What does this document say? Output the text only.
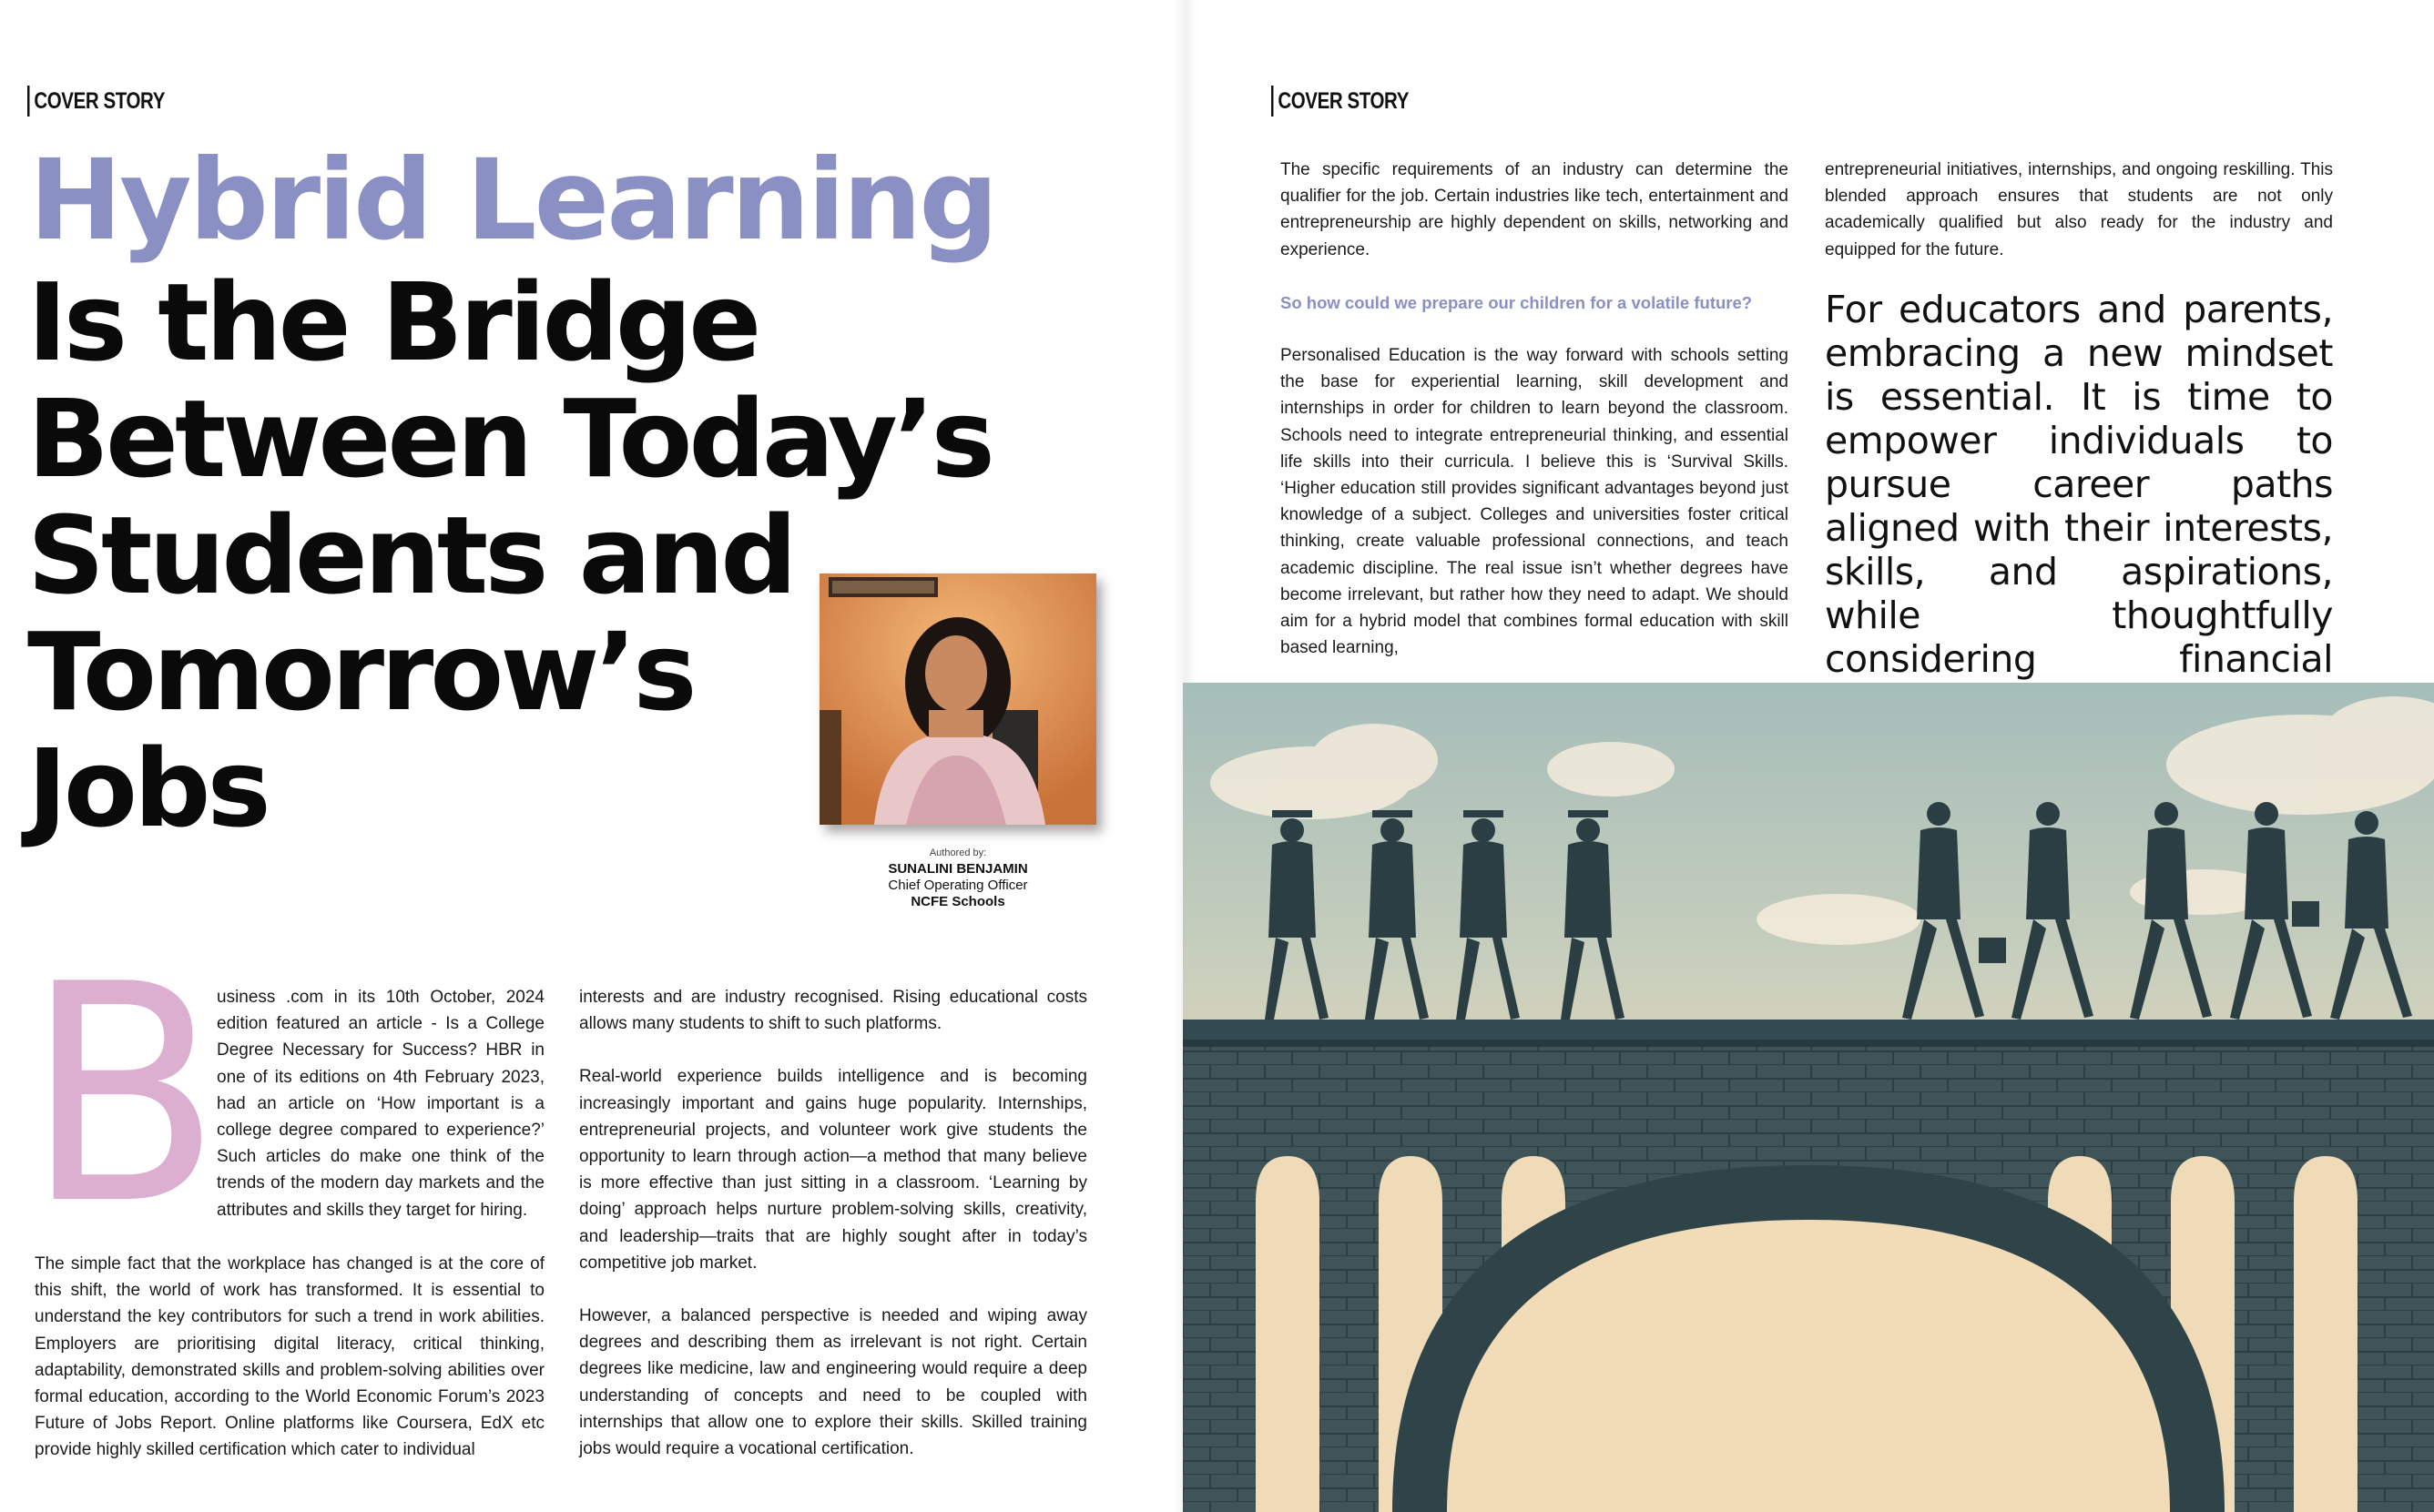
COVER STORY
Hybrid Learning
Is the Bridge
Between Today’s
Students and
Tomorrow’s
Jobs
Authored by:
SUNALINI BENJAMIN
Chief Operating Officer
NCFE Schools
B

usiness .com in its 10th October, 2024 edition featured an article - Is a College Degree Necessary for Success? HBR in one of its editions on 4th February 2023, had an article on ‘How important is a college degree compared to experience?’ Such articles do make one think of the trends of the modern day markets and the attributes and skills they target for hiring.

The simple fact that the workplace has changed is at the core of this shift, the world of work has transformed. It is essential to understand the key contributors for such a trend in work abilities. Employers are prioritising digital literacy, critical thinking, adaptability, demonstrated skills and problem-solving abilities over formal education, according to the World Economic Forum’s 2023 Future of Jobs Report. Online platforms like Coursera, EdX etc provide highly skilled certification which cater to individual

interests and are industry recognised. Rising educational costs allows many students to shift to such platforms.

Real-world experience builds intelligence and is becoming increasingly important and gains huge popularity. Internships, entrepreneurial projects, and volunteer work give students the opportunity to learn through action—a method that many believe is more effective than just sitting in a classroom. ‘Learning by doing’ approach helps nurture problem-solving skills, creativity, and leadership—traits that are highly sought after in today’s competitive job market.

However, a balanced perspective is needed and wiping away degrees and describing them as irrelevant is not right. Certain degrees like medicine, law and engineering would require a deep understanding of concepts and need to be coupled with internships that allow one to explore their skills. Skilled training jobs would require a vocational certification.

COVER STORY

The specific requirements of an industry can determine the qualifier for the job. Certain industries like tech, entertainment and entrepreneurship are highly dependent on skills, networking and experience.

So how could we prepare our children for a volatile future?

Personalised Education is the way forward with schools setting the base for experiential learning, skill development and internships in order for children to learn beyond the classroom. Schools need to integrate entrepreneurial thinking, and essential life skills into their curricula. I believe this is ‘Survival Skills. ‘Higher education still provides significant advantages beyond just knowledge of a subject. Colleges and universities foster critical thinking, create valuable professional connections, and teach academic discipline. The real issue isn’t whether degrees have become irrelevant, but rather how they need to adapt. We should aim for a hybrid model that combines formal education with skill based learning,

entrepreneurial initiatives, internships, and ongoing reskilling. This blended approach ensures that students are not only academically qualified but also ready for the industry and equipped for the future.

For educators and parents, embracing a new mindset is essential. It is time to empower individuals to pursue career paths aligned with their interests, skills, and aspirations, while thoughtfully considering financial
